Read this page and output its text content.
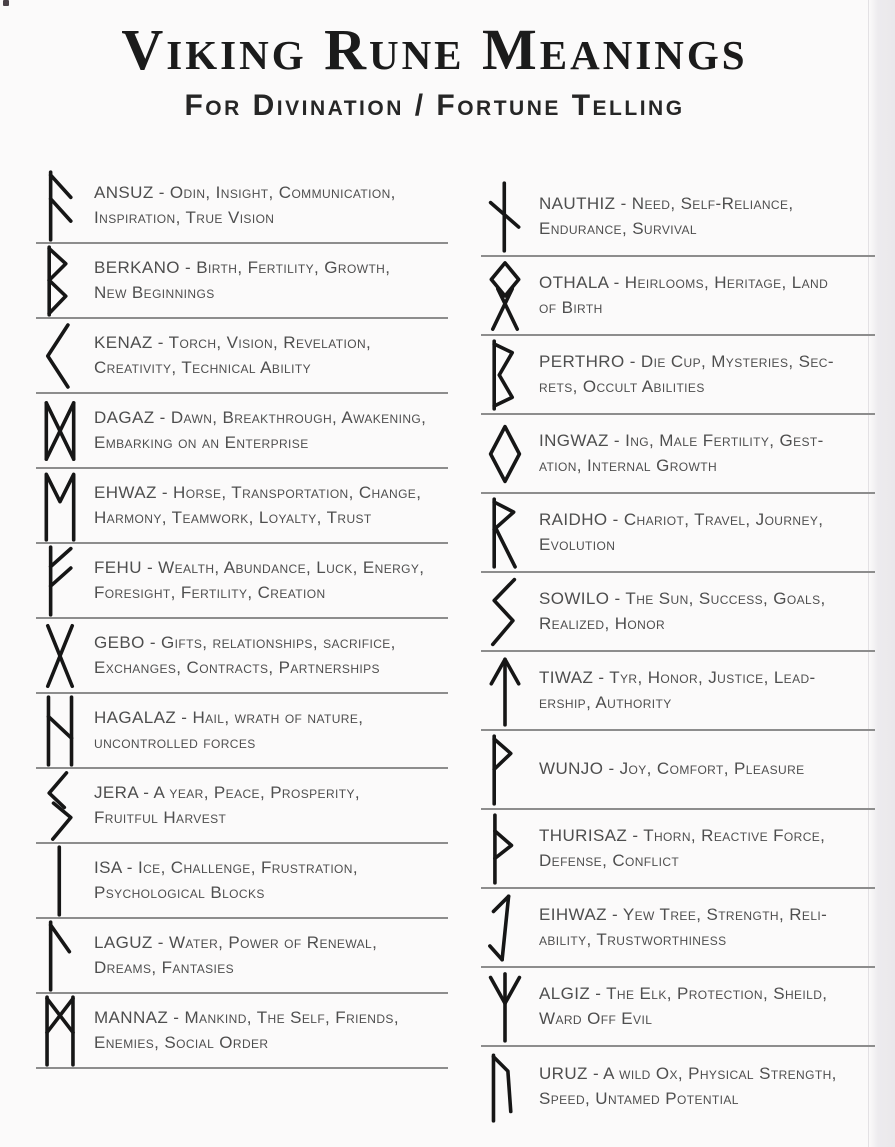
Viking Rune Meanings
For Divination / Fortune Telling
ANSUZ - Odin, Insight, Communication,
Inspiration, True Vision
BERKANO - Birth, Fertility, Growth,
New Beginnings
KENAZ - Torch, Vision, Revelation,
Creativity, Technical Ability
DAGAZ - Dawn, Breakthrough, Awakening,
Embarking on an Enterprise
EHWAZ - Horse, Transportation, Change,
Harmony, Teamwork, Loyalty, Trust
FEHU - Wealth, Abundance, Luck, Energy,
Foresight, Fertility, Creation
GEBO - Gifts, relationships, sacrifice,
Exchanges, Contracts, Partnerships
HAGALAZ - Hail, wrath of nature,
uncontrolled forces
JERA - A year, Peace, Prosperity,
Fruitful Harvest
ISA - Ice, Challenge, Frustration,
Psychological Blocks
LAGUZ - Water, Power of Renewal,
Dreams, Fantasies
MANNAZ - Mankind, The Self, Friends,
Enemies, Social Order
NAUTHIZ - Need, Self-Reliance,
Endurance, Survival
OTHALA - Heirlooms, Heritage, Land
of Birth
PERTHRO - Die Cup, Mysteries, Sec-
rets, Occult Abilities
INGWAZ - Ing, Male Fertility, Gest-
ation, Internal Growth
RAIDHO - Chariot, Travel, Journey,
Evolution
SOWILO - The Sun, Success, Goals,
Realized, Honor
TIWAZ - Tyr, Honor, Justice, Lead-
ership, Authority
WUNJO - Joy, Comfort, Pleasure
THURISAZ - Thorn, Reactive Force,
Defense, Conflict
EIHWAZ - Yew Tree, Strength, Reli-
ability, Trustworthiness
ALGIZ - The Elk, Protection, Sheild,
Ward Off Evil
URUZ - A wild Ox, Physical Strength,
Speed, Untamed Potential
